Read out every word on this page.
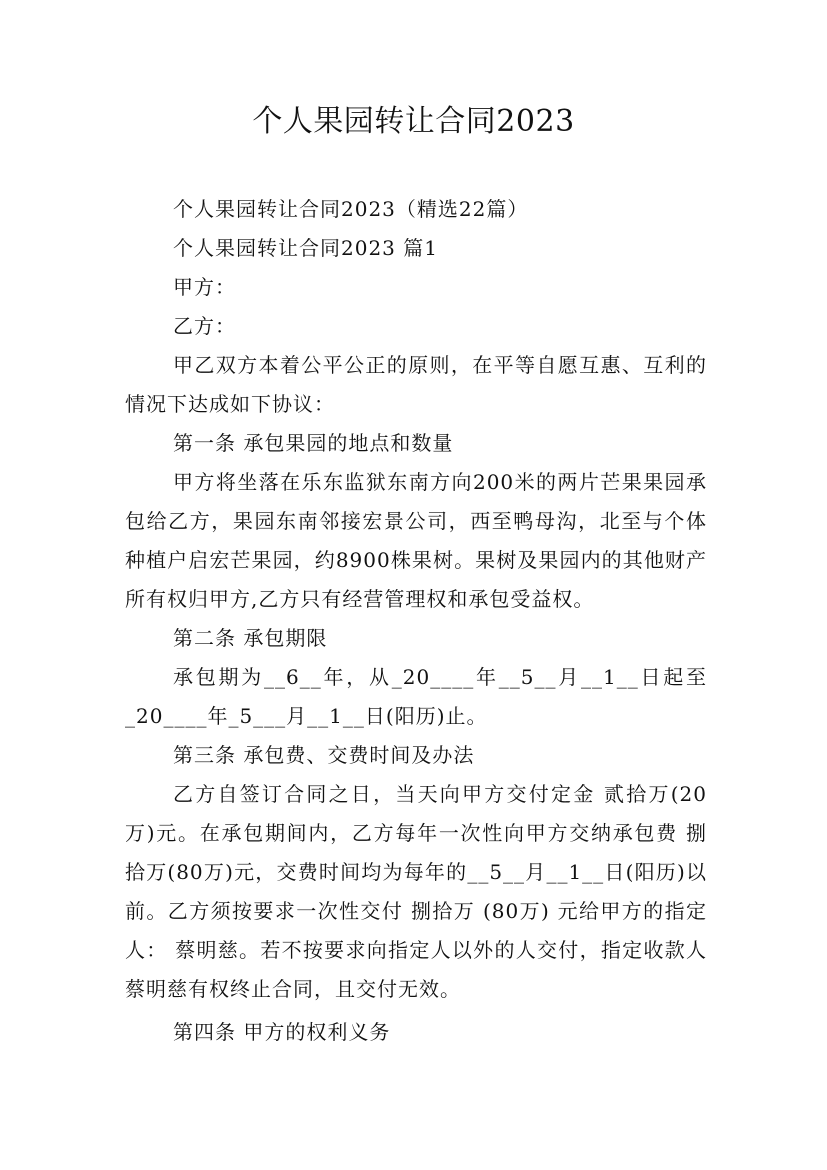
个人果园转让合同2023

个人果园转让合同2023（精选22篇）

个人果园转让合同2023 篇1

甲方：

乙方：

甲乙双方本着公平公正的原则，在平等自愿互惠、互利的情况下达成如下协议：

第一条 承包果园的地点和数量

甲方将坐落在乐东监狱东南方向200米的两片芒果果园承包给乙方，果园东南邻接宏景公司，西至鸭母沟，北至与个体种植户启宏芒果园，约8900株果树。果树及果园内的其他财产所有权归甲方,乙方只有经营管理权和承包受益权。

第二条 承包期限

承包期为__6__年，从_20____年__5__月__1__日起至_20____年_5___月__1__日(阳历)止。

第三条 承包费、交费时间及办法

乙方自签订合同之日，当天向甲方交付定金 贰拾万(20万)元。在承包期间内，乙方每年一次性向甲方交纳承包费 捌拾万(80万)元，交费时间均为每年的__5__月__1__日(阳历)以前。乙方须按要求一次性交付 捌拾万 (80万) 元给甲方的指定人： 蔡明慈。若不按要求向指定人以外的人交付，指定收款人蔡明慈有权终止合同，且交付无效。

第四条 甲方的权利义务
